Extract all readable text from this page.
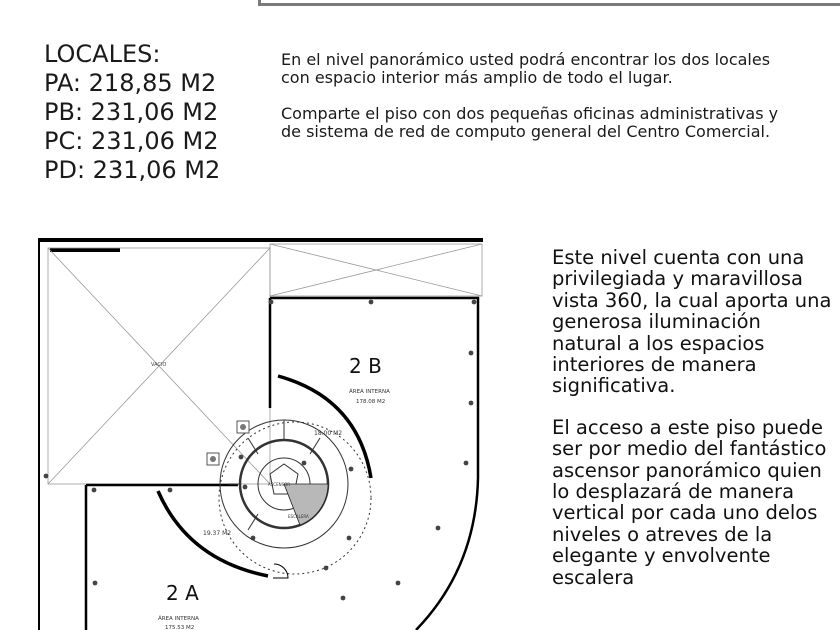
LOCALES:
PA: 218,85 M2
PB: 231,06 M2
PC: 231,06 M2
PD: 231,06 M2

En el nivel panorámico usted podrá encontrar los dos locales con espacio interior más amplio de todo el lugar.

Comparte el piso con dos pequeñas oficinas administrativas y de sistema de red de computo general del Centro Comercial.

VACIO
ASCENSOR
ESCALERA
2 B
ÁREA INTERNA
178.08 M2
18.00 M2
19.37 M2
2 A
ÁREA INTERNA
175.53 M2

Este nivel cuenta con una privilegiada y maravillosa vista 360, la cual aporta una generosa iluminación natural a los espacios interiores de manera significativa.

El acceso a este piso puede ser por medio del fantástico ascensor panorámico quien lo desplazará de manera vertical por cada uno delos niveles o atreves de la elegante y envolvente escalera
